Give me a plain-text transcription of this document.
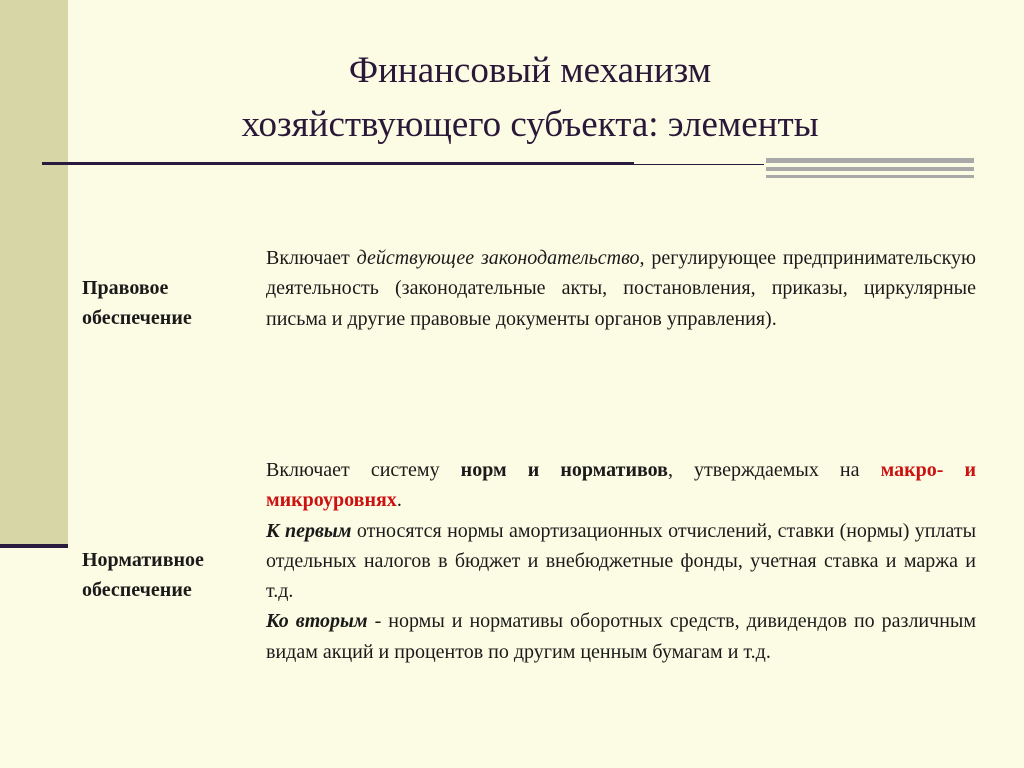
Финансовый механизм
хозяйствующего субъекта: элементы

Правовое
обеспечение

Включает действующее законодательство, регулирующее предпринимательскую деятельность (законодательные акты, постановления, приказы, циркулярные письма и другие правовые документы органов управления).

Нормативное
обеспечение

Включает систему норм и нормативов, утверждаемых на макро- и микроуровнях.

К первым относятся нормы амортизационных отчислений, ставки (нормы) уплаты отдельных налогов в бюджет и внебюджетные фонды, учетная ставка и маржа и т.д.

Ко вторым - нормы и нормативы оборотных средств, дивидендов по различным видам акций и процентов по другим ценным бумагам и т.д.
